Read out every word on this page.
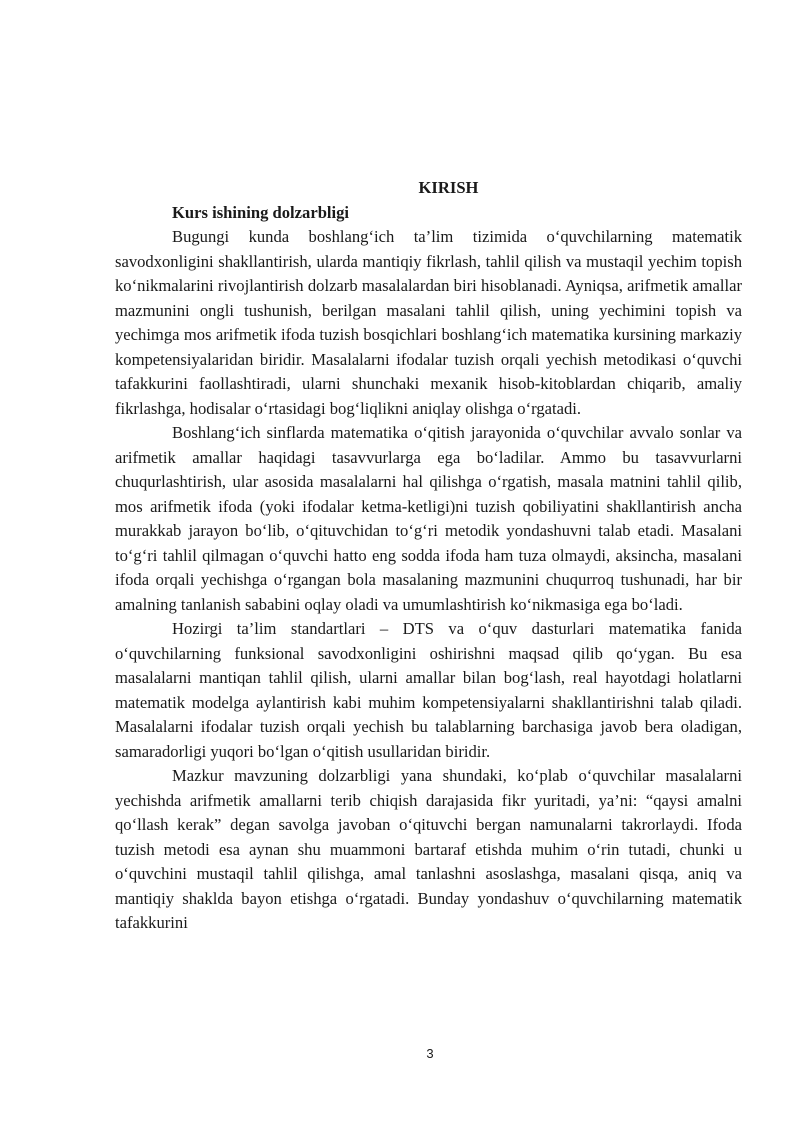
KIRISH

Kurs ishining dolzarbligi

Bugungi kunda boshlang‘ich ta’lim tizimida o‘quvchilarning matematik savodxonligini shakllantirish, ularda mantiqiy fikrlash, tahlil qilish va mustaqil yechim topish ko‘nikmalarini rivojlantirish dolzarb masalalardan biri hisoblanadi. Ayniqsa, arifmetik amallar mazmunini ongli tushunish, berilgan masalani tahlil qilish, uning yechimini topish va yechimga mos arifmetik ifoda tuzish bosqichlari boshlang‘ich matematika kursining markaziy kompetensiyalaridan biridir. Masalalarni ifodalar tuzish orqali yechish metodikasi o‘quvchi tafakkurini faollashtiradi, ularni shunchaki mexanik hisob-kitoblardan chiqarib, amaliy fikrlashga, hodisalar o‘rtasidagi bog‘liqlikni aniqlay olishga o‘rgatadi.

Boshlang‘ich sinflarda matematika o‘qitish jarayonida o‘quvchilar avvalo sonlar va arifmetik amallar haqidagi tasavvurlarga ega bo‘ladilar. Ammo bu tasavvurlarni chuqurlashtirish, ular asosida masalalarni hal qilishga o‘rgatish, masala matnini tahlil qilib, mos arifmetik ifoda (yoki ifodalar ketma-ketligi)ni tuzish qobiliyatini shakllantirish ancha murakkab jarayon bo‘lib, o‘qituvchidan to‘g‘ri metodik yondashuvni talab etadi. Masalani to‘g‘ri tahlil qilmagan o‘quvchi hatto eng sodda ifoda ham tuza olmaydi, aksincha, masalani ifoda orqali yechishga o‘rgangan bola masalaning mazmunini chuqurroq tushunadi, har bir amalning tanlanish sababini oqlay oladi va umumlashtirish ko‘nikmasiga ega bo‘ladi.

Hozirgi ta’lim standartlari – DTS va o‘quv dasturlari matematika fanida o‘quvchilarning funksional savodxonligini oshirishni maqsad qilib qo‘ygan. Bu esa masalalarni mantiqan tahlil qilish, ularni amallar bilan bog‘lash, real hayotdagi holatlarni matematik modelga aylantirish kabi muhim kompetensiyalarni shakllantirishni talab qiladi. Masalalarni ifodalar tuzish orqali yechish bu talablarning barchasiga javob bera oladigan, samaradorligi yuqori bo‘lgan o‘qitish usullaridan biridir.

Mazkur mavzuning dolzarbligi yana shundaki, ko‘plab o‘quvchilar masalalarni yechishda arifmetik amallarni terib chiqish darajasida fikr yuritadi, ya’ni: “qaysi amalni qo‘llash kerak” degan savolga javoban o‘qituvchi bergan namunalarni takrorlaydi. Ifoda tuzish metodi esa aynan shu muammoni bartaraf etishda muhim o‘rin tutadi, chunki u o‘quvchini mustaqil tahlil qilishga, amal tanlashni asoslashga, masalani qisqa, aniq va mantiqiy shaklda bayon etishga o‘rgatadi. Bunday yondashuv o‘quvchilarning matematik tafakkurini

3
